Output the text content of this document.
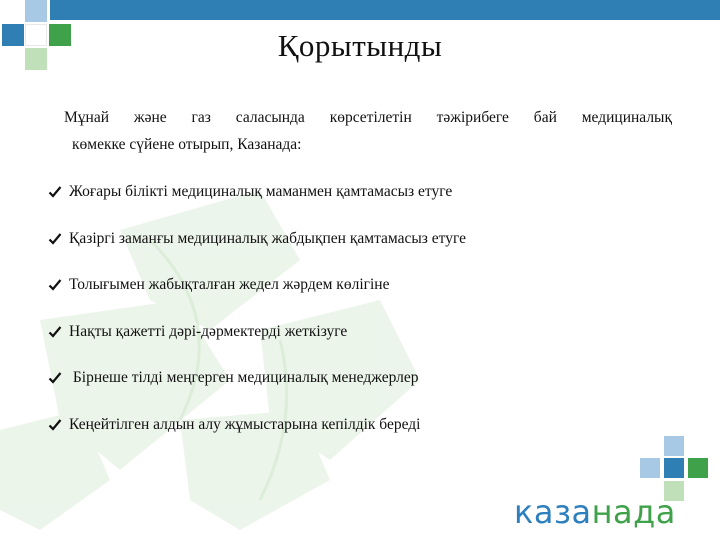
Қорытынды
Мұнай және газ саласында көрсетілетін тәжірибеге бай медициналық
көмекке сүйене отырып, Казанада:
Жоғары білікті медициналық маманмен қамтамасыз етуге
Қазіргі заманғы медициналық жабдықпен қамтамасыз етуге
Толығымен жабықталған жедел жәрдем көлігіне
Нақты қажетті дәрі-дәрмектерді жеткізуге
Бірнеше тілді меңгерген медициналық менеджерлер
Кеңейтілген алдын алу жұмыстарына кепілдік береді
казанада
